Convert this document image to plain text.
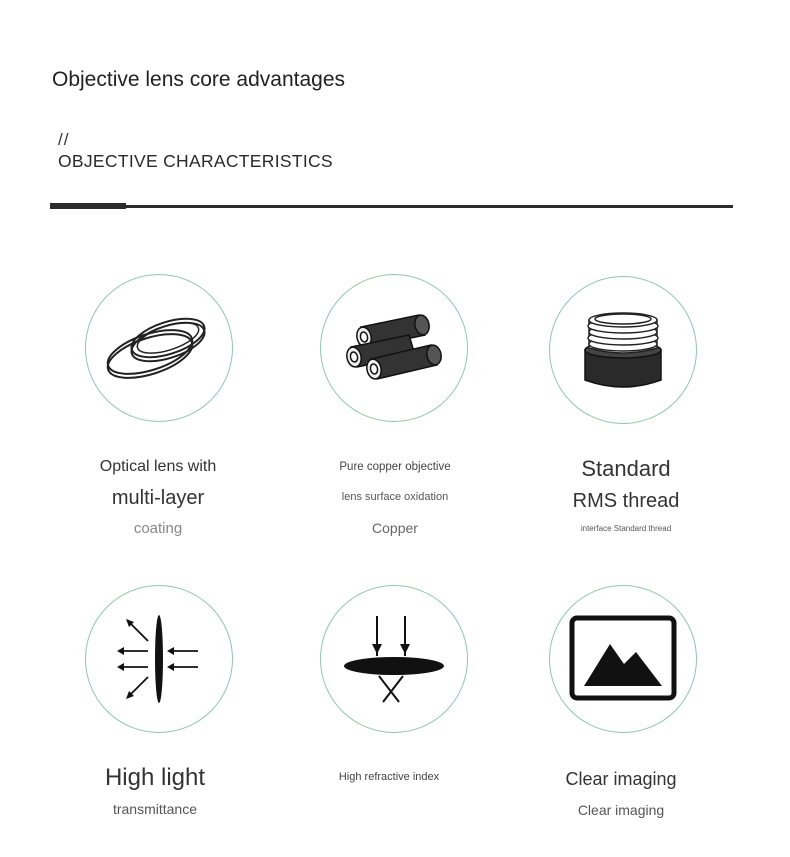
Objective lens core advantages
//
OBJECTIVE CHARACTERISTICS
Optical lens with
multi-layer
coating
Pure copper objective
lens surface oxidation
Copper
Standard
RMS thread
interface Standard thread
High light
transmittance
High refractive index	Clear imaging
Clear imaging
